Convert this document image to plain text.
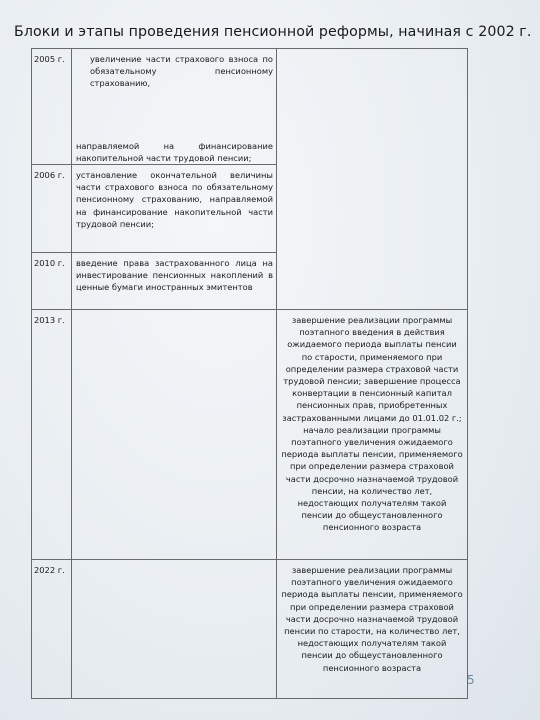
Блоки и этапы проведения пенсионной реформы, начиная с 2002 г.
2005 г.	увеличение части страхового взноса по обязательному пенсионному страхованию,
направляемой на финансирование накопительной части трудовой пенсии;	

2006 г.	установление окончательной величины части страхового взноса по обязательному пенсионному страхованию, направляемой на финансирование накопительной части трудовой пенсии;	

2010 г.	введение права застрахованного лица на инвестирование пенсионных накоплений в ценные бумаги иностранных эмитентов	

2013 г.		завершение реализации программы поэтапного введения в действия ожидаемого периода выплаты пенсии по старости, применяемого при определении размера страховой части трудовой пенсии; завершение процесса конвертации в пенсионный капитал пенсионных прав, приобретенных застрахованными лицами до 01.01.02 г.; начало реализации программы поэтапного увеличения ожидаемого периода выплаты пенсии, применяемого при определении размера страховой части досрочно назначаемой трудовой пенсии, на количество лет, недостающих получателям такой пенсии до общеустановленного пенсионного возраста
2022 г.		завершение реализации программы поэтапного увеличения ожидаемого периода выплаты пенсии, применяемого при определении размера страховой части досрочно назначаемой трудовой пенсии по старости, на количество лет, недостающих получателям такой пенсии до общеустановленного пенсионного возраста
5
